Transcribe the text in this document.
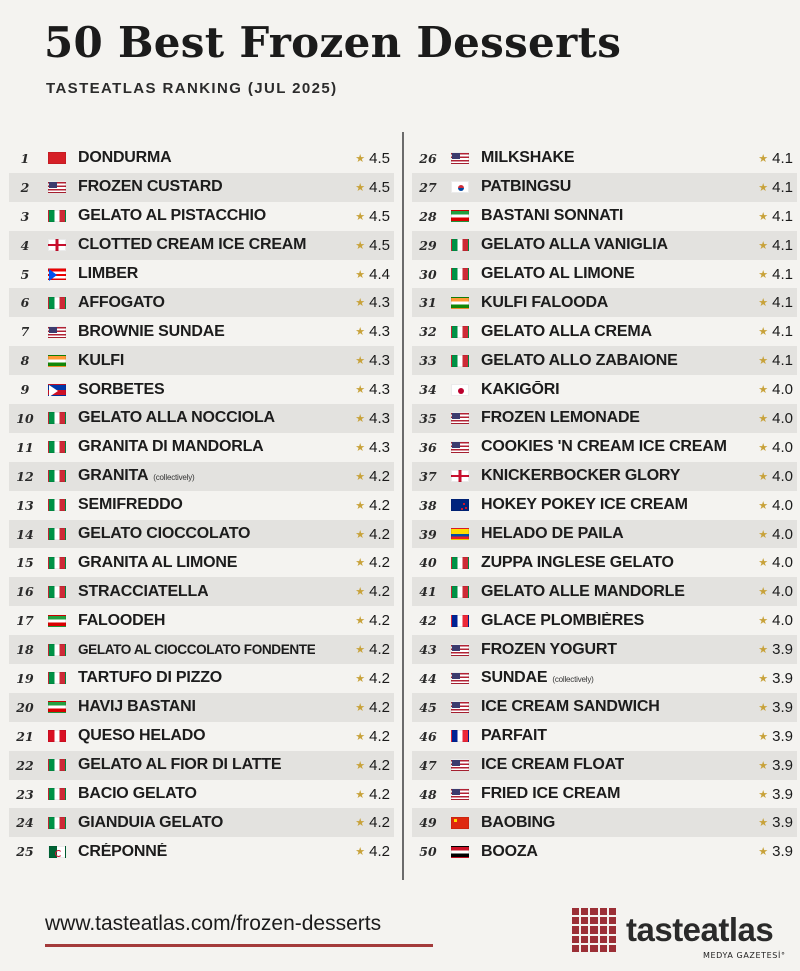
50 Best Frozen Desserts
TASTEATLAS RANKING (JUL 2025)
1	DONDURMA	★ 4.5
2	FROZEN CUSTARD	★ 4.5
3	GELATO AL PISTACCHIO	★ 4.5
4	CLOTTED CREAM ICE CREAM	★ 4.5
5	LIMBER	★ 4.4
6	AFFOGATO	★ 4.3
7	BROWNIE SUNDAE	★ 4.3
8	KULFI	★ 4.3
9	SORBETES	★ 4.3
10	GELATO ALLA NOCCIOLA	★ 4.3
11	GRANITA DI MANDORLA	★ 4.3
12	GRANITA (collectively)	★ 4.2
13	SEMIFREDDO	★ 4.2
14	GELATO CIOCCOLATO	★ 4.2
15	GRANITA AL LIMONE	★ 4.2
16	STRACCIATELLA	★ 4.2
17	FALOODEH	★ 4.2
18	GELATO AL CIOCCOLATO FONDENTE	★ 4.2
19	TARTUFO DI PIZZO	★ 4.2
20	HAVIJ BASTANI	★ 4.2
21	QUESO HELADO	★ 4.2
22	GELATO AL FIOR DI LATTE	★ 4.2
23	BACIO GELATO	★ 4.2
24	GIANDUIA GELATO	★ 4.2
25	CRÉPONNÉ	★ 4.2
26	MILKSHAKE	★ 4.1
27	PATBINGSU	★ 4.1
28	BASTANI SONNATI	★ 4.1
29	GELATO ALLA VANIGLIA	★ 4.1
30	GELATO AL LIMONE	★ 4.1
31	KULFI FALOODA	★ 4.1
32	GELATO ALLA CREMA	★ 4.1
33	GELATO ALLO ZABAIONE	★ 4.1
34	KAKIGŌRI	★ 4.0
35	FROZEN LEMONADE	★ 4.0
36	COOKIES 'N CREAM ICE CREAM	★ 4.0
37	KNICKERBOCKER GLORY	★ 4.0
38	HOKEY POKEY ICE CREAM	★ 4.0
39	HELADO DE PAILA	★ 4.0
40	ZUPPA INGLESE GELATO	★ 4.0
41	GELATO ALLE MANDORLE	★ 4.0
42	GLACE PLOMBIÈRES	★ 4.0
43	FROZEN YOGURT	★ 3.9
44	SUNDAE (collectively)	★ 3.9
45	ICE CREAM SANDWICH	★ 3.9
46	PARFAIT	★ 3.9
47	ICE CREAM FLOAT	★ 3.9
48	FRIED ICE CREAM	★ 3.9
49	BAOBING	★ 3.9
50	BOOZA	★ 3.9
www.tasteatlas.com/frozen-desserts	tasteatlas
MEDYA GAZETESİ°
